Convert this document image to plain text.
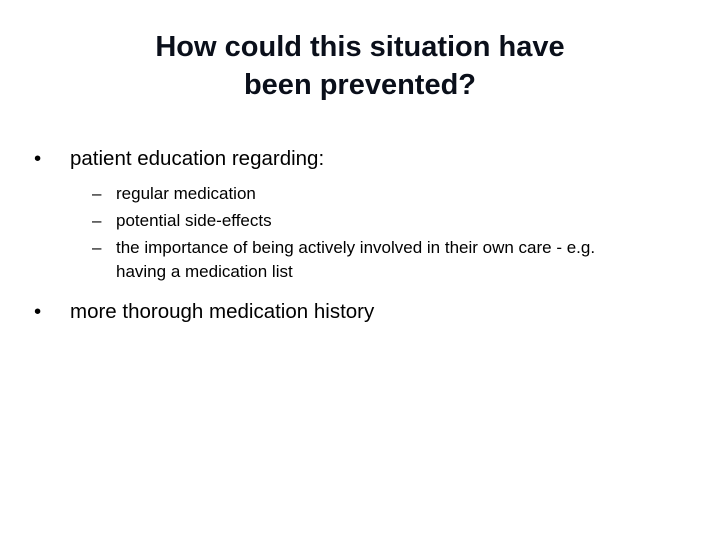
How could this situation have
been prevented?
•	patient education regarding:
– regular medication
– potential side-effects
– the importance of being actively involved in their own care - e.g.
having a medication list
•	more thorough medication history
